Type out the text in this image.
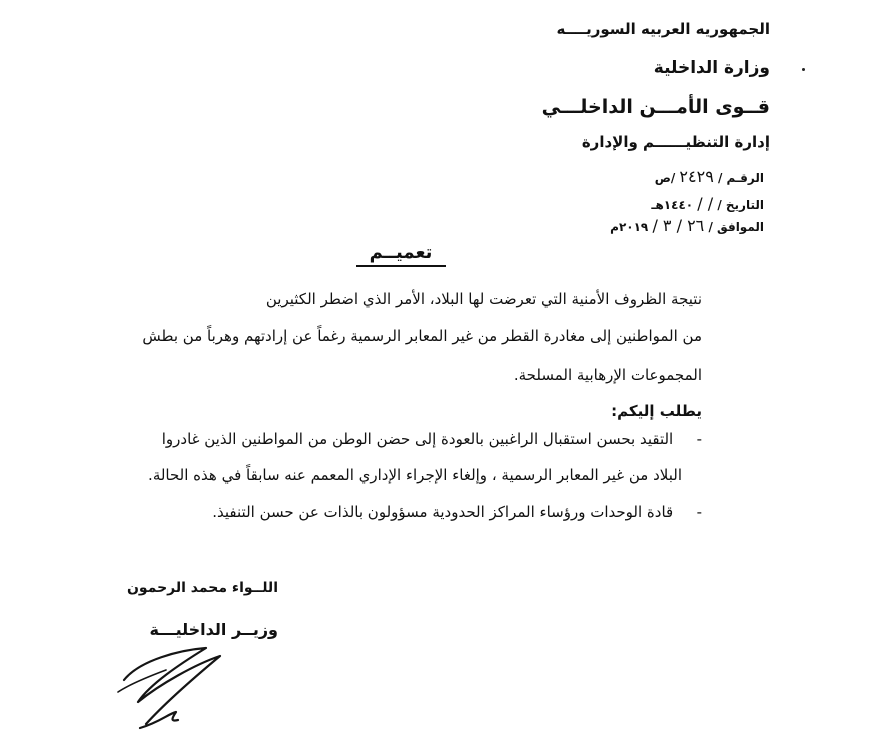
الجمهوريه العربيه السوريــــه
وزارة الداخلية
قــوى الأمـــن الداخلـــي
إدارة التنظيــــــم والإدارة
الرقـم / ٢٤٢٩ /ص
التاريخ / / / ١٤٤٠هـ
الموافق / ٢٦ / ٣ / ٢٠١٩م
تعميــم
نتيجة الظروف الأمنية التي تعرضت لها البلاد، الأمر الذي اضطر الكثيرين
من المواطنين إلى مغادرة القطر من غير المعابر الرسمية رغماً عن إرادتهم وهرباً من بطش
المجموعات الإرهابية المسلحة.
يطلب إليكم:
- التقيد بحسن استقبال الراغبين بالعودة إلى حضن الوطن من المواطنين الذين غادروا
البلاد من غير المعابر الرسمية ، وإلغاء الإجراء الإداري المعمم عنه سابقاً في هذه الحالة.
- قادة الوحدات ورؤساء المراكز الحدودية مسؤولون بالذات عن حسن التنفيذ.
اللــواء محمد الرحمون
وزيــر الداخليـــة
